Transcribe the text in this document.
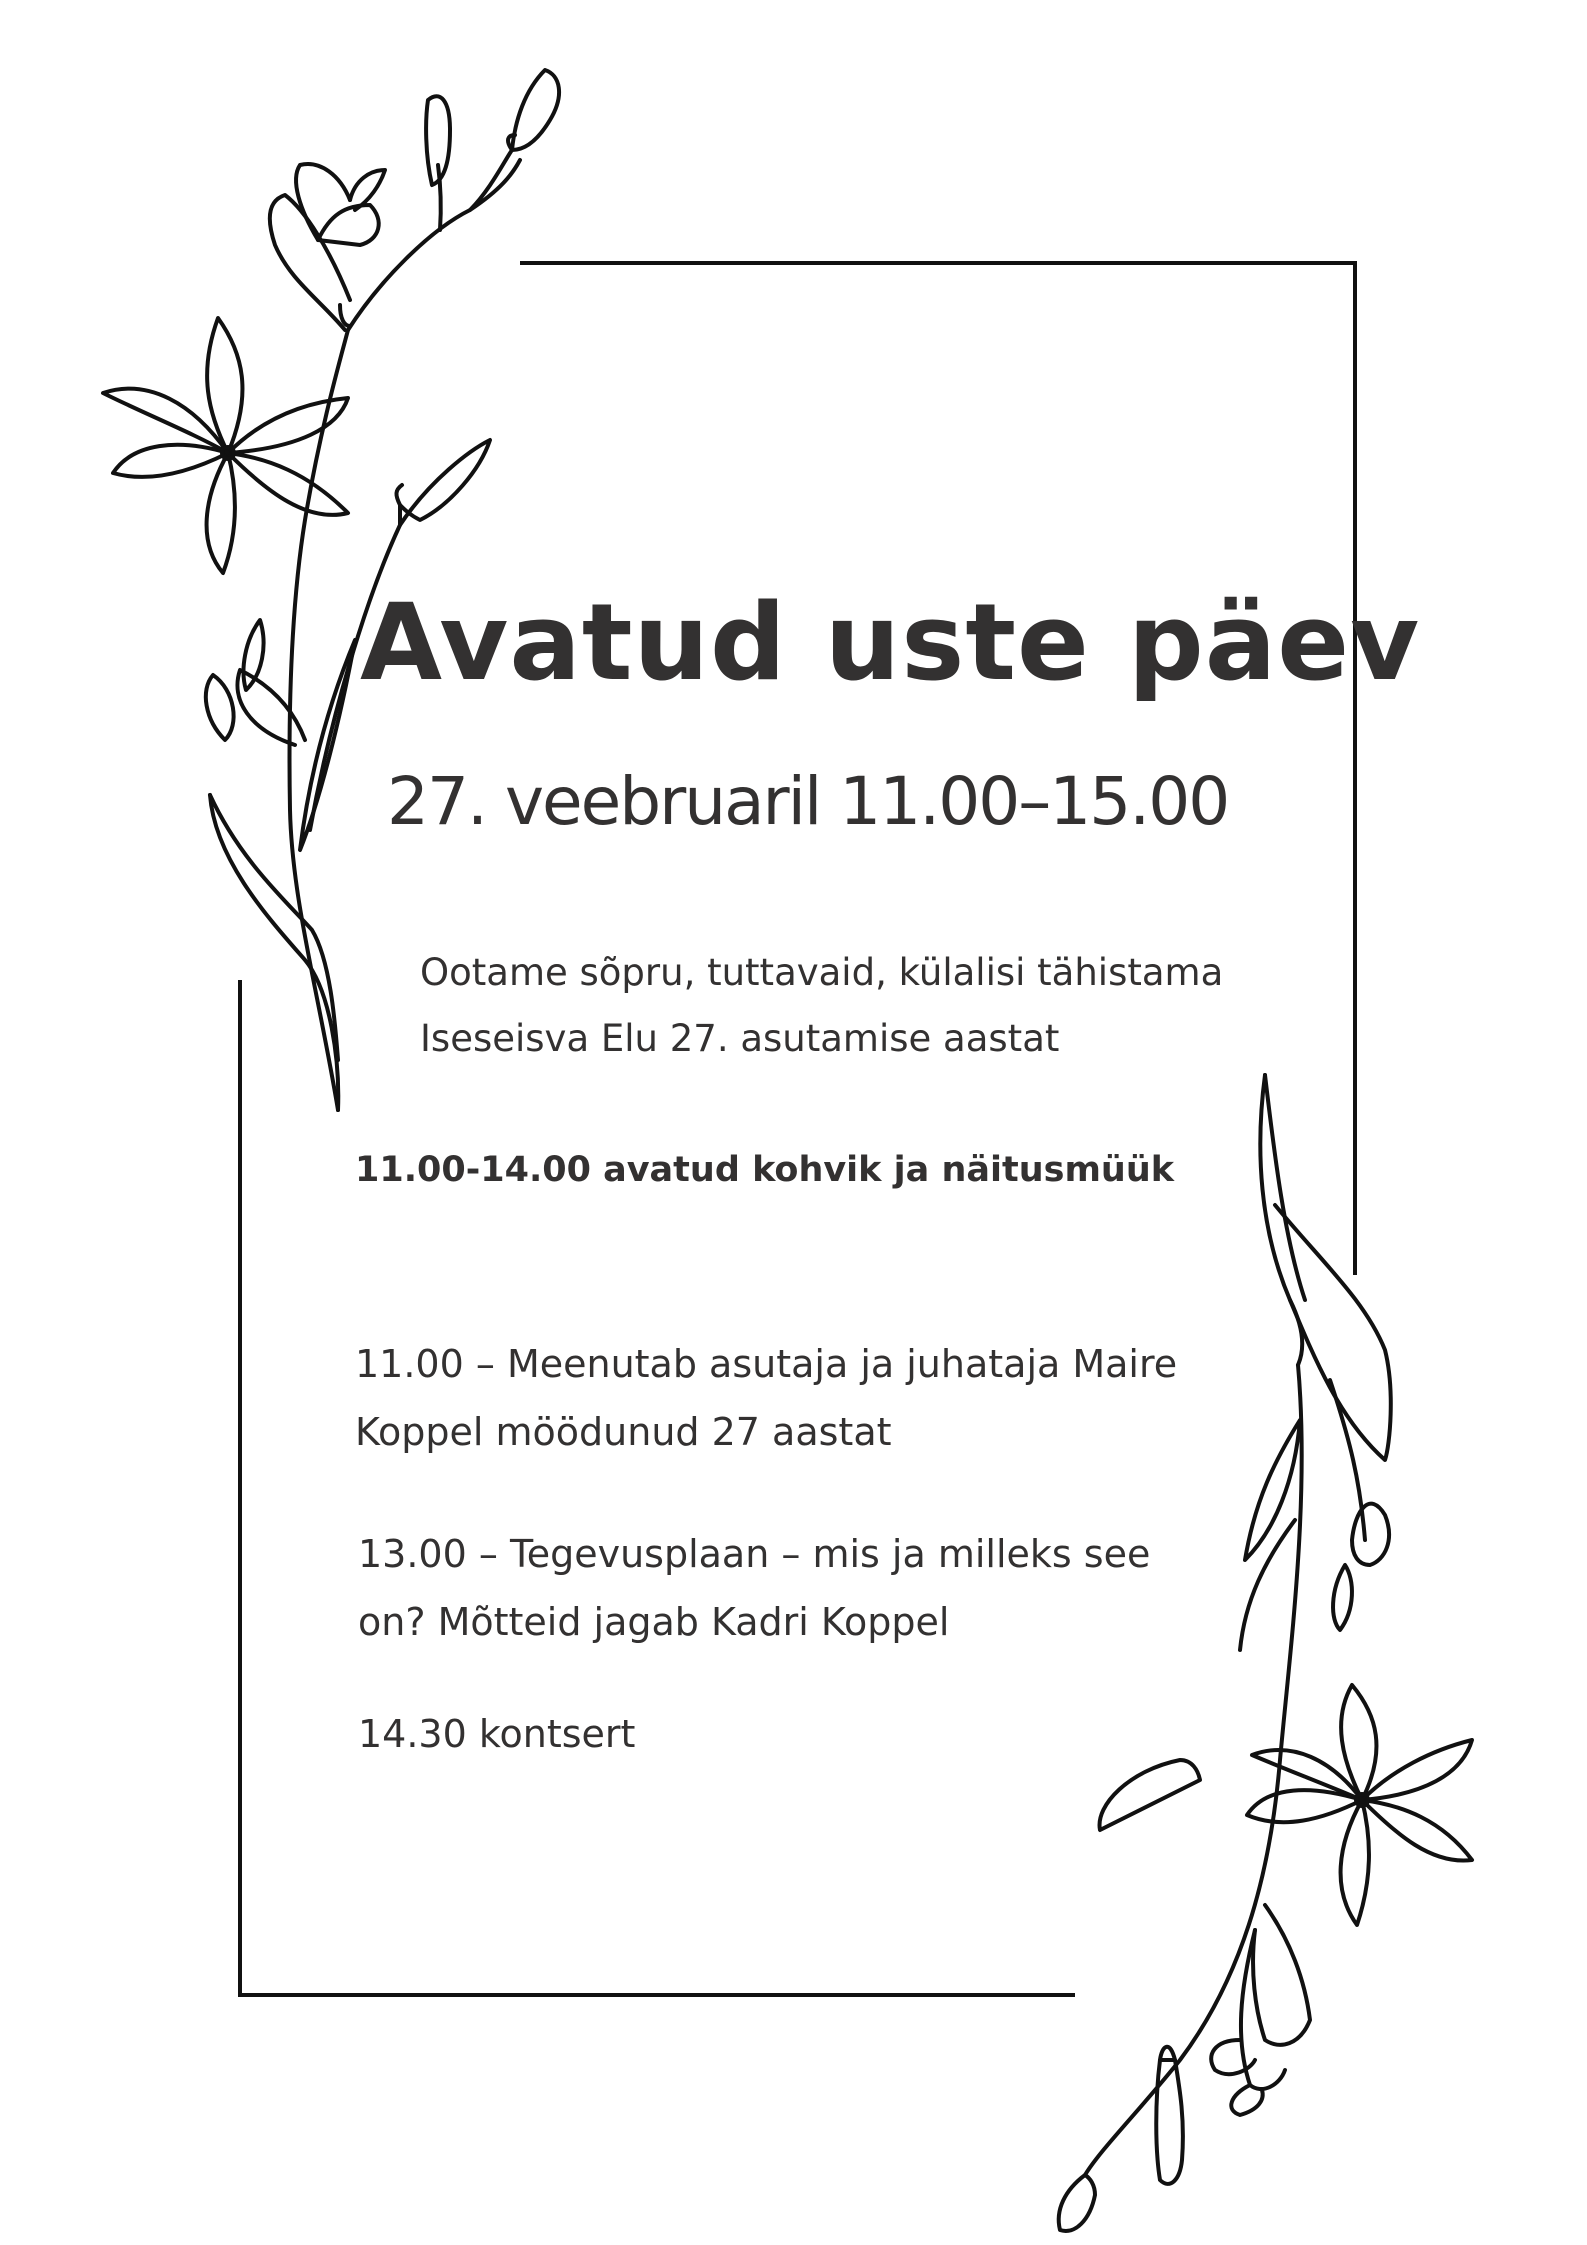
Avatud uste päev
27. veebruaril 11.00–15.00
Ootame sõpru, tuttavaid, külalisi tähistama
Iseseisva Elu 27. asutamise aastat
11.00-14.00 avatud kohvik ja näitusmüük
11.00 – Meenutab asutaja ja juhataja Maire
Koppel möödunud 27 aastat
13.00 – Tegevusplaan – mis ja milleks see
on? Mõtteid jagab Kadri Koppel
14.30 kontsert
